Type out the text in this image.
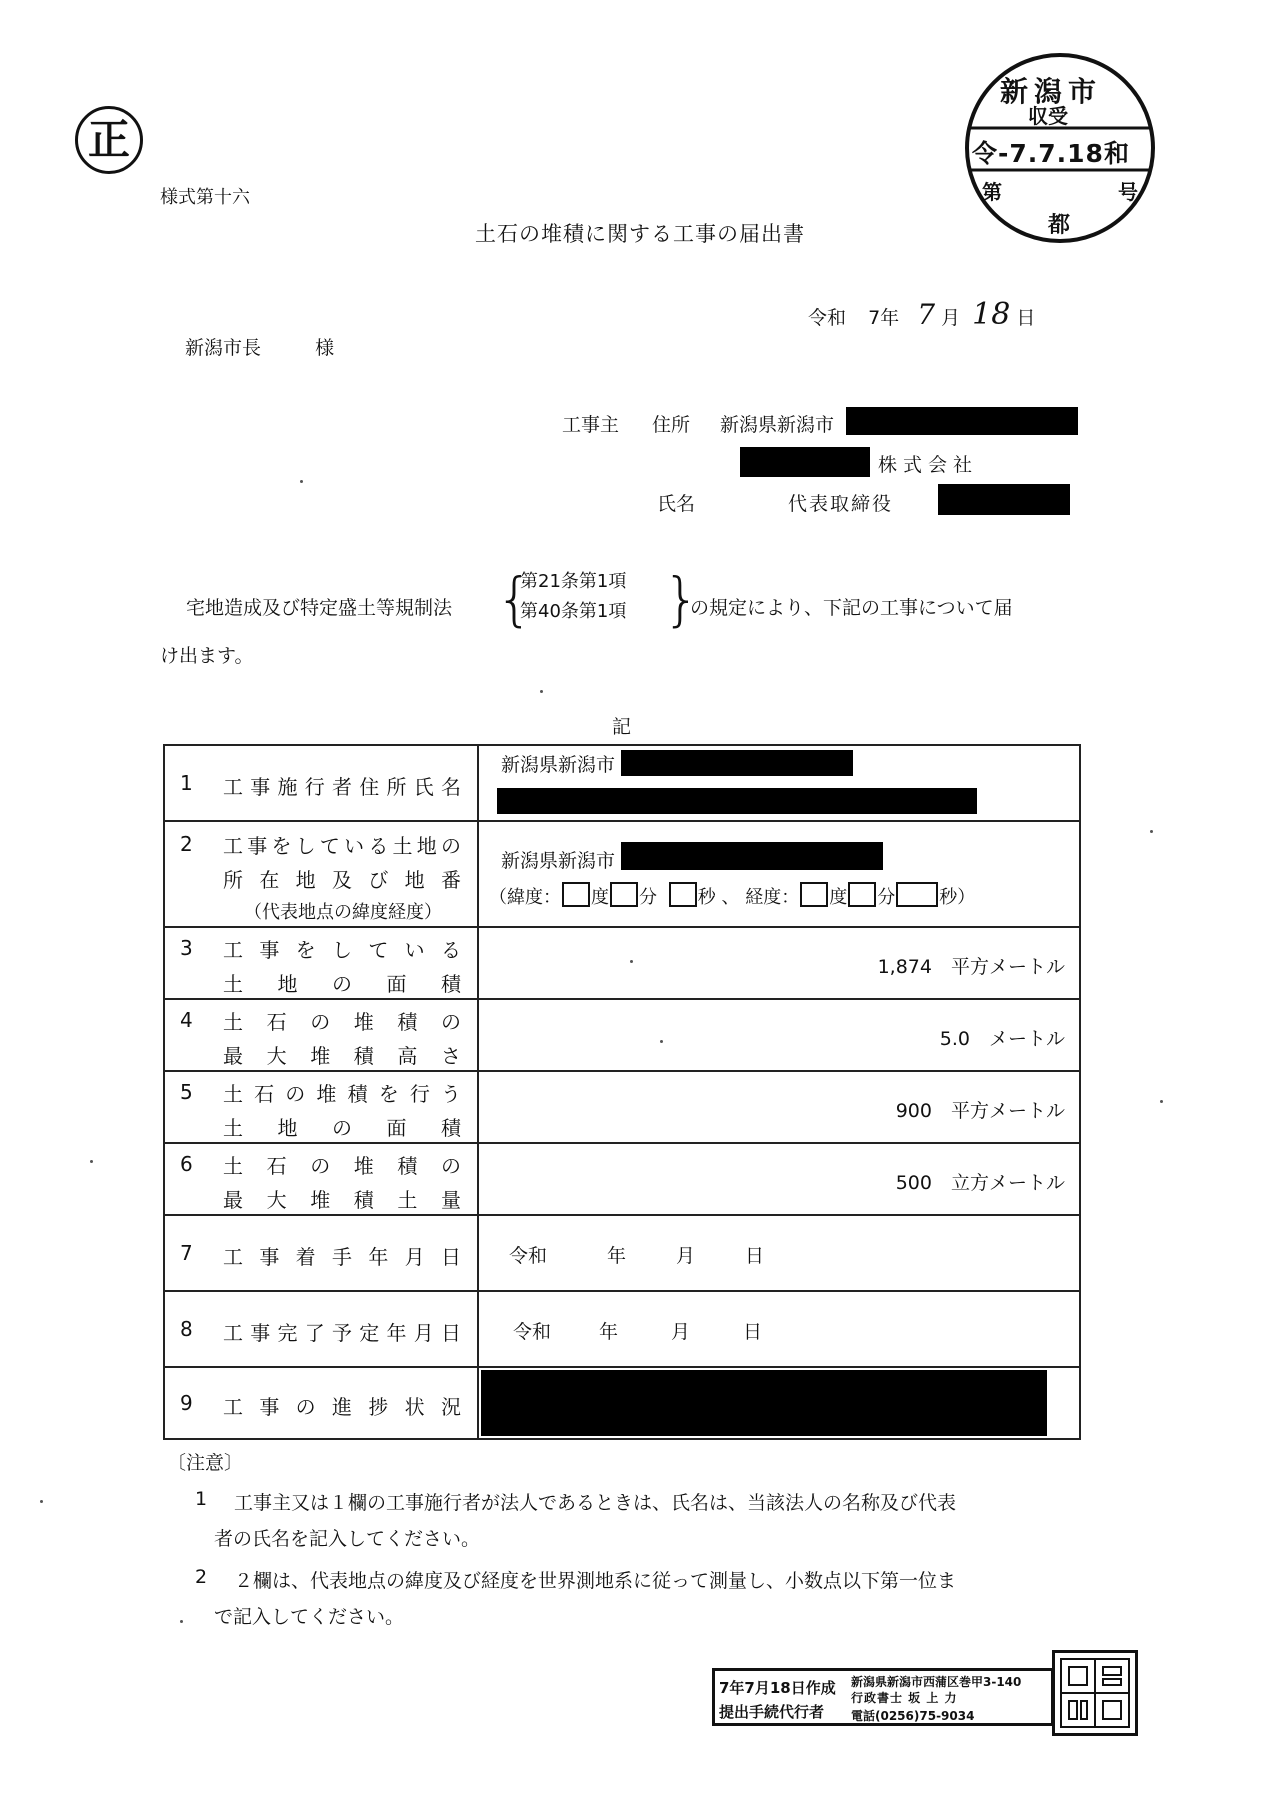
正
新潟市
収受
令-7.7.18和
第	号
都
様式第十六
土石の堆積に関する工事の届出書
令和 7年 7 月 18 日
新潟市長	様
工事主 住所 新潟県新潟市
株式会社
氏名	代表取締役
宅地造成及び特定盛土等規制法 {
第21条第1項
第40条第1項 }
の規定により、下記の工事について届
け出ます。
記
1 工事施行者住所氏名	新潟県新潟市

2 工事をしている土地の
所在地及び地番
（代表地点の緯度経度）	新潟県新潟市
（緯度： 度 分 秒 、 経度： 度 分 秒）

3 工事をしている
土地の面積	1,874　 平方メートル

4 土石の堆積の
最大堆積高さ	5.0　 メートル

5 土石の堆積を行う
土地の面積	900　 平方メートル

6 土石の堆積の
最大堆積土量	500　 立方メートル

7 工事着手年月日	令和 年 月 日

8 工事完了予定年月日	令和 年 月 日

9 工事の進捗状況	

〔注意〕
1 工事主又は１欄の工事施行者が法人であるときは、氏名は、当該法人の名称及び代表
者の氏名を記入してください。
2 ２欄は、代表地点の緯度及び経度を世界測地系に従って測量し、小数点以下第一位ま
で記入してください。
7年7月18日作成
提出手続代行者
新潟県新潟市西蒲区巻甲3-140
行政書士 坂 上 力
電話(0256)75-9034
